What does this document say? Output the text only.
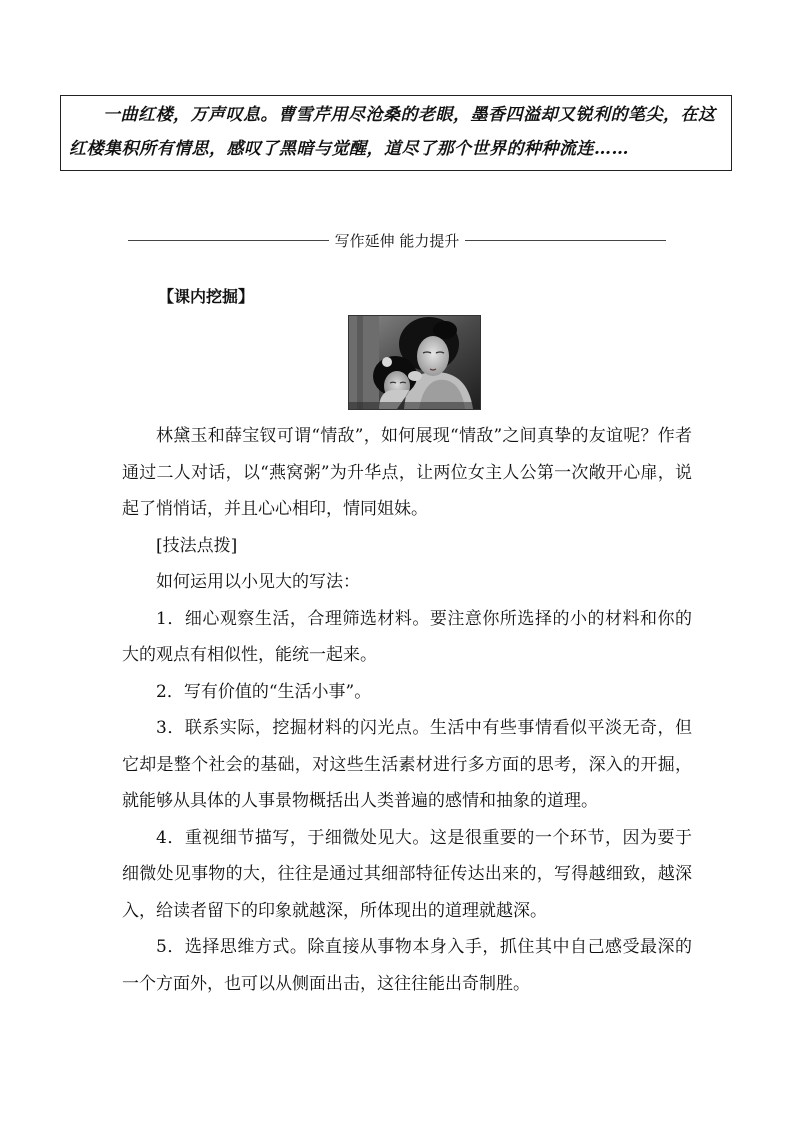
一曲红楼，万声叹息。曹雪芹用尽沧桑的老眼，墨香四溢却又锐利的笔尖，在这红楼集积所有情思，感叹了黑暗与觉醒，道尽了那个世界的种种流连……
写作延伸 能力提升
【课内挖掘】

林黛玉和薛宝钗可谓“情敌”，如何展现“情敌”之间真挚的友谊呢？作者通过二人对话，以“燕窝粥”为升华点，让两位女主人公第一次敞开心扉，说起了悄悄话，并且心心相印，情同姐妹。

[技法点拨]

如何运用以小见大的写法：

1．细心观察生活，合理筛选材料。要注意你所选择的小的材料和你的大的观点有相似性，能统一起来。

2．写有价值的“生活小事”。

3．联系实际，挖掘材料的闪光点。生活中有些事情看似平淡无奇，但它却是整个社会的基础，对这些生活素材进行多方面的思考，深入的开掘，就能够从具体的人事景物概括出人类普遍的感情和抽象的道理。

4．重视细节描写，于细微处见大。这是很重要的一个环节，因为要于细微处见事物的大，往往是通过其细部特征传达出来的，写得越细致，越深入，给读者留下的印象就越深，所体现出的道理就越深。

5．选择思维方式。除直接从事物本身入手，抓住其中自己感受最深的一个方面外，也可以从侧面出击，这往往能出奇制胜。
